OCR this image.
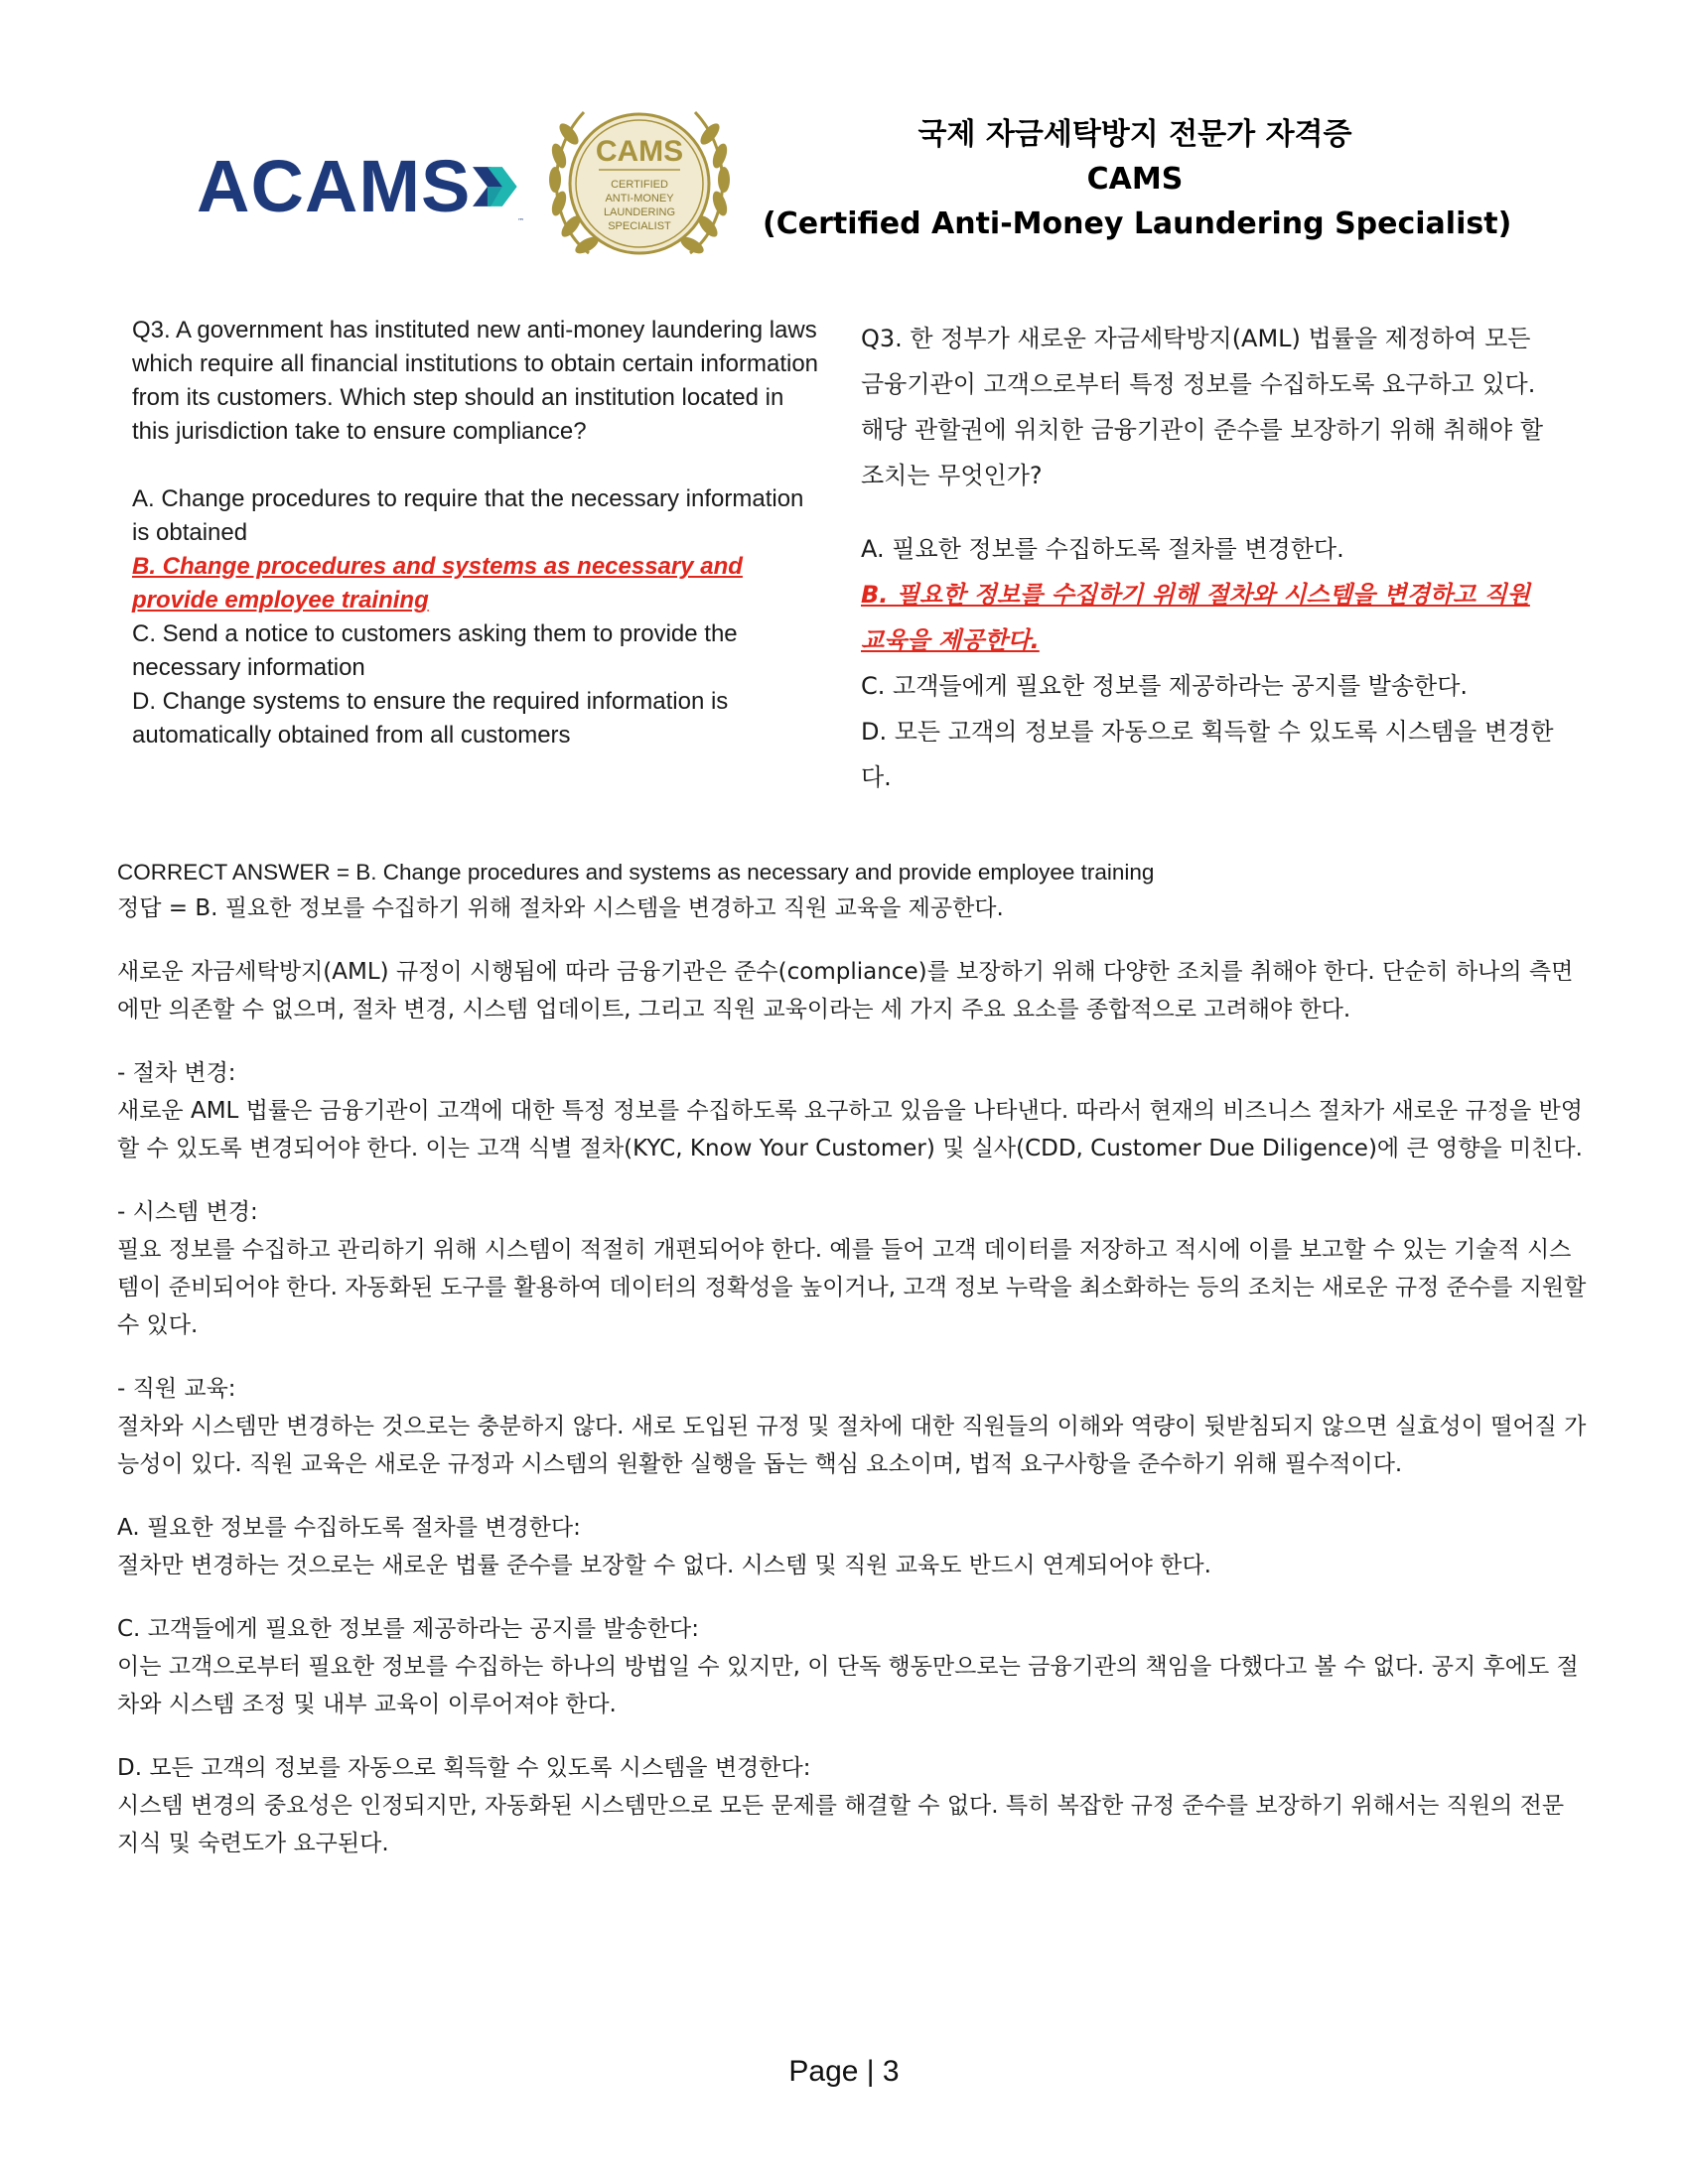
ACAMS	™
CAMS
CERTIFIED
ANTI-MONEY
LAUNDERING
SPECIALIST
국제 자금세탁방지 전문가 자격증
CAMS
(Certified Anti-Money Laundering Specialist)

Q3. A government has instituted new anti-money laundering laws which require all financial institutions to obtain certain information from its customers. Which step should an institution located in this jurisdiction take to ensure compliance?

A. Change procedures to require that the necessary information is obtained

B. Change procedures and systems as necessary and provide employee training

C. Send a notice to customers asking them to provide the necessary information

D. Change systems to ensure the required information is automatically obtained from all customers

Q3. 한 정부가 새로운 자금세탁방지(AML) 법률을 제정하여 모든 금융기관이 고객으로부터 특정 정보를 수집하도록 요구하고 있다. 해당 관할권에 위치한 금융기관이 준수를 보장하기 위해 취해야 할 조치는 무엇인가?

A. 필요한 정보를 수집하도록 절차를 변경한다.

B. 필요한 정보를 수집하기 위해 절차와 시스템을 변경하고 직원 교육을 제공한다.

C. 고객들에게 필요한 정보를 제공하라는 공지를 발송한다.

D. 모든 고객의 정보를 자동으로 획득할 수 있도록 시스템을 변경한다.

CORRECT ANSWER = B. Change procedures and systems as necessary and provide employee training

정답 = B. 필요한 정보를 수집하기 위해 절차와 시스템을 변경하고 직원 교육을 제공한다.

새로운 자금세탁방지(AML) 규정이 시행됨에 따라 금융기관은 준수(compliance)를 보장하기 위해 다양한 조치를 취해야 한다. 단순히 하나의 측면에만 의존할 수 없으며, 절차 변경, 시스템 업데이트, 그리고 직원 교육이라는 세 가지 주요 요소를 종합적으로 고려해야 한다.

- 절차 변경:

새로운 AML 법률은 금융기관이 고객에 대한 특정 정보를 수집하도록 요구하고 있음을 나타낸다. 따라서 현재의 비즈니스 절차가 새로운 규정을 반영할 수 있도록 변경되어야 한다. 이는 고객 식별 절차(KYC, Know Your Customer) 및 실사(CDD, Customer Due Diligence)에 큰 영향을 미친다.

- 시스템 변경:

필요 정보를 수집하고 관리하기 위해 시스템이 적절히 개편되어야 한다. 예를 들어 고객 데이터를 저장하고 적시에 이를 보고할 수 있는 기술적 시스템이 준비되어야 한다. 자동화된 도구를 활용하여 데이터의 정확성을 높이거나, 고객 정보 누락을 최소화하는 등의 조치는 새로운 규정 준수를 지원할 수 있다.

- 직원 교육:

절차와 시스템만 변경하는 것으로는 충분하지 않다. 새로 도입된 규정 및 절차에 대한 직원들의 이해와 역량이 뒷받침되지 않으면 실효성이 떨어질 가능성이 있다. 직원 교육은 새로운 규정과 시스템의 원활한 실행을 돕는 핵심 요소이며, 법적 요구사항을 준수하기 위해 필수적이다.

A. 필요한 정보를 수집하도록 절차를 변경한다:

절차만 변경하는 것으로는 새로운 법률 준수를 보장할 수 없다. 시스템 및 직원 교육도 반드시 연계되어야 한다.

C. 고객들에게 필요한 정보를 제공하라는 공지를 발송한다:

이는 고객으로부터 필요한 정보를 수집하는 하나의 방법일 수 있지만, 이 단독 행동만으로는 금융기관의 책임을 다했다고 볼 수 없다. 공지 후에도 절차와 시스템 조정 및 내부 교육이 이루어져야 한다.

D. 모든 고객의 정보를 자동으로 획득할 수 있도록 시스템을 변경한다:

시스템 변경의 중요성은 인정되지만, 자동화된 시스템만으로 모든 문제를 해결할 수 없다. 특히 복잡한 규정 준수를 보장하기 위해서는 직원의 전문 지식 및 숙련도가 요구된다.

Page | 3
